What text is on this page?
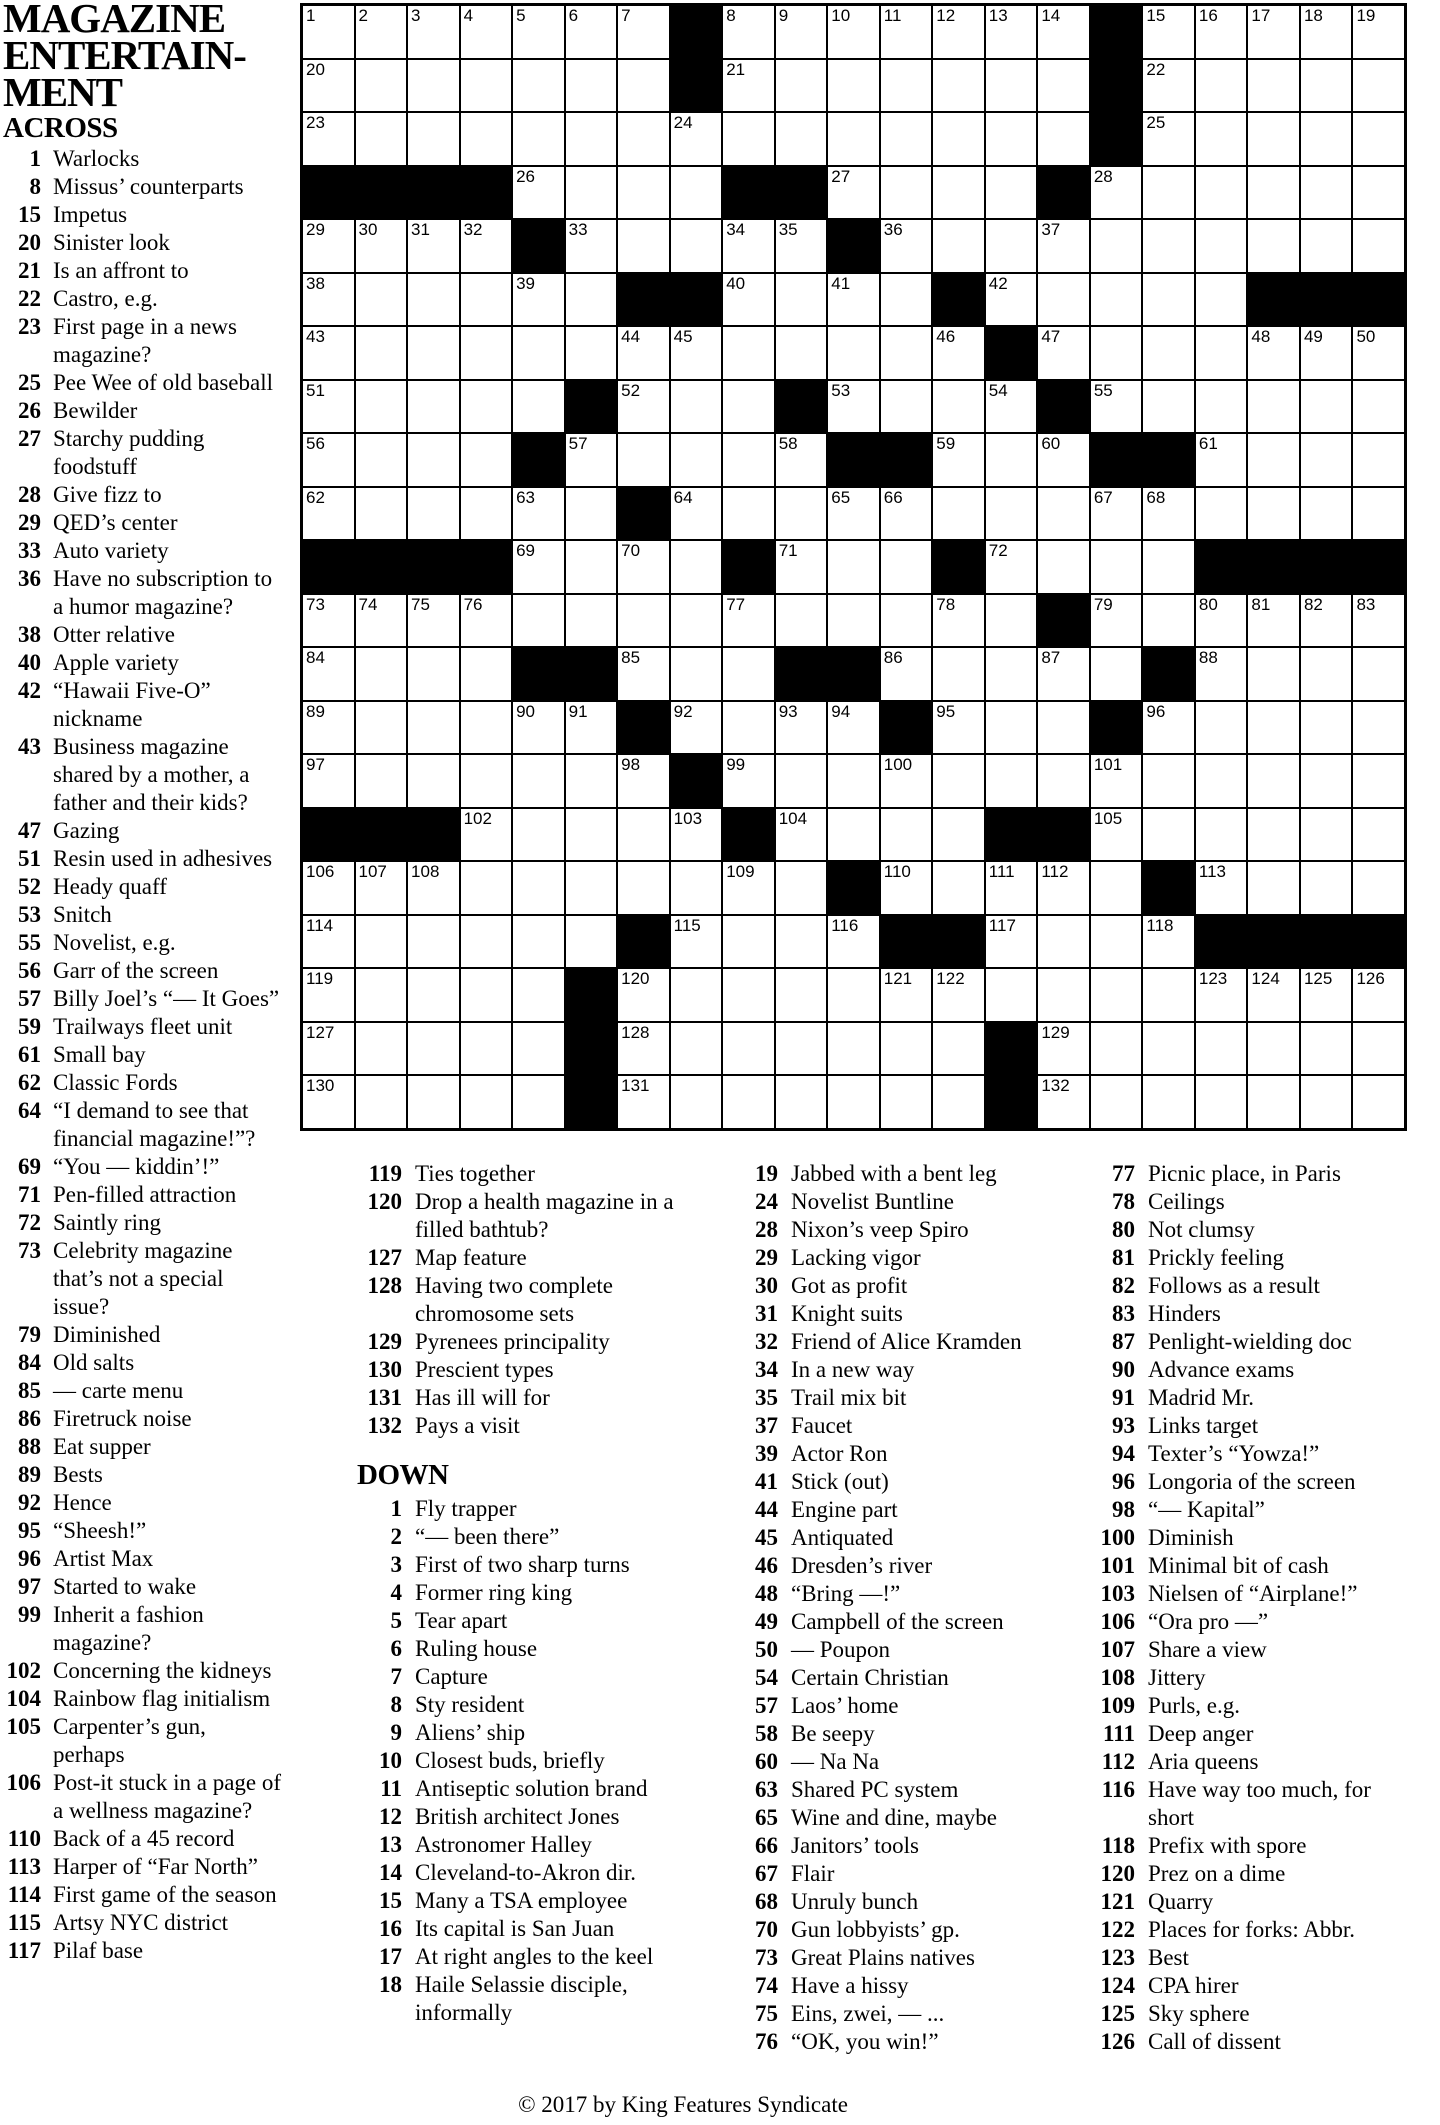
MAGAZINE
ENTERTAIN-
MENT
1	2	3	4	5	6	7	8	9	10 11 12 13 14	15 16 17 18 19
20	21	22
23	24	25
26	27	28
29 30 31 32	33	34 35	36	37
38	39	40	41	42
43	44 45	46	47	48 49 50
51	52	53	54	55
56	57	58	59	60	61
62	63	64	65 66	67 68
69	70	71	72
73 74 75 76	77	78	79	80 81 82 83
84	85	86	87	88
89	90 91	92	93 94	95	96
97	98	99	100	101
102	103	104	105
106 107 108	109	110	111 112	113
114	115	116	117	118
119	120	121 122	123 124 125 126
127	128	129
130	131	132
ACROSS
1 Warlocks
8 Missus’ counterparts
15 Impetus
20 Sinister look
21 Is an affront to
22 Castro, e.g.
23 First page in a news magazine?
25 Pee Wee of old baseball
26 Bewilder
27 Starchy pudding foodstuff
28 Give fizz to
29 QED’s center
33 Auto variety
36 Have no subscription to a humor magazine?
38 Otter relative
40 Apple variety
42 “Hawaii Five-O” nickname
43 Business magazine shared by a mother, a father and their kids?
47 Gazing
51 Resin used in adhesives
52 Heady quaff
53 Snitch
55 Novelist, e.g.
56 Garr of the screen
57 Billy Joel’s “— It Goes”
59 Trailways fleet unit
61 Small bay
62 Classic Fords
64 “I demand to see that financial magazine!”?
69 “You — kiddin’!”
71 Pen-filled attraction
72 Saintly ring
73 Celebrity magazine that’s not a special issue?
79 Diminished
84 Old salts
85 — carte menu
86 Firetruck noise
88 Eat supper
89 Bests
92 Hence
95 “Sheesh!”
96 Artist Max
97 Started to wake
99 Inherit a fashion magazine?
102 Concerning the kidneys
104 Rainbow flag initialism
105 Carpenter’s gun, perhaps
106 Post-it stuck in a page of a wellness magazine?
110 Back of a 45 record
113 Harper of “Far North”
114 First game of the season
115 Artsy NYC district
117 Pilaf base
119 Ties together
120 Drop a health magazine in a filled bathtub?
127 Map feature
128 Having two complete chromosome sets
129 Pyrenees principality
130 Prescient types
131 Has ill will for
132 Pays a visit
DOWN
1 Fly trapper
2 “— been there”
3 First of two sharp turns
4 Former ring king
5 Tear apart
6 Ruling house
7 Capture
8 Sty resident
9 Aliens’ ship
10 Closest buds, briefly
11 Antiseptic solution brand
12 British architect Jones
13 Astronomer Halley
14 Cleveland-to-Akron dir.
15 Many a TSA employee
16 Its capital is San Juan
17 At right angles to the keel
18 Haile Selassie disciple, informally
19 Jabbed with a bent leg
24 Novelist Buntline
28 Nixon’s veep Spiro
29 Lacking vigor
30 Got as profit
31 Knight suits
32 Friend of Alice Kramden
34 In a new way
35 Trail mix bit
37 Faucet
39 Actor Ron
41 Stick (out)
44 Engine part
45 Antiquated
46 Dresden’s river
48 “Bring —!”
49 Campbell of the screen
50 — Poupon
54 Certain Christian
57 Laos’ home
58 Be seepy
60 — Na Na
63 Shared PC system
65 Wine and dine, maybe
66 Janitors’ tools
67 Flair
68 Unruly bunch
70 Gun lobbyists’ gp.
73 Great Plains natives
74 Have a hissy
75 Eins, zwei, — ...
76 “OK, you win!”
77 Picnic place, in Paris
78 Ceilings
80 Not clumsy
81 Prickly feeling
82 Follows as a result
83 Hinders
87 Penlight-wielding doc
90 Advance exams
91 Madrid Mr.
93 Links target
94 Texter’s “Yowza!”
96 Longoria of the screen
98 “— Kapital”
100 Diminish
101 Minimal bit of cash
103 Nielsen of “Airplane!”
106 “Ora pro —”
107 Share a view
108 Jittery
109 Purls, e.g.
111 Deep anger
112 Aria queens
116 Have way too much, for short
118 Prefix with spore
120 Prez on a dime
121 Quarry
122 Places for forks: Abbr.
123 Best
124 CPA hirer
125 Sky sphere
126 Call of dissent
© 2017 by King Features Syndicate
